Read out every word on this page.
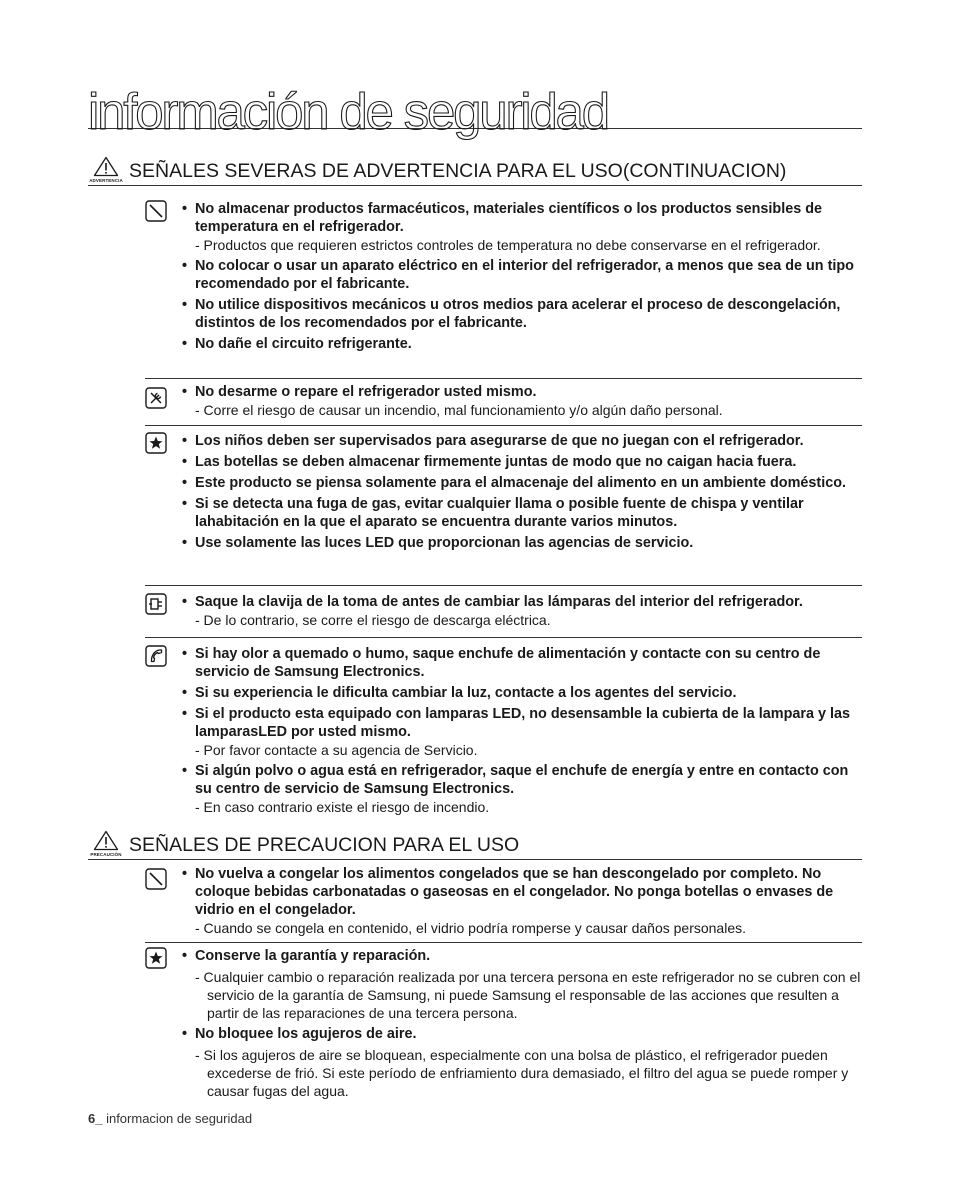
información de seguridad
ADVERTENCIA SEÑALES SEVERAS DE ADVERTENCIA PARA EL USO(CONTINUACION)
• No almacenar productos farmacéuticos, materiales científicos o los productos sensibles de temperatura en el refrigerador.
- Productos que requieren estrictos controles de temperatura no debe conservarse en el refrigerador.
• No colocar o usar un aparato eléctrico en el interior del refrigerador, a menos que sea de un tipo recomendado por el fabricante.
• No utilice dispositivos mecánicos u otros medios para acelerar el proceso de descongelación, distintos de los recomendados por el fabricante.
• No dañe el circuito refrigerante.
• No desarme o repare el refrigerador usted mismo.
- Corre el riesgo de causar un incendio, mal funcionamiento y/o algún daño personal.
• Los niños deben ser supervisados para asegurarse de que no juegan con el refrigerador.
• Las botellas se deben almacenar firmemente juntas de modo que no caigan hacia fuera.
• Este producto se piensa solamente para el almacenaje del alimento en un ambiente doméstico.
• Si se detecta una fuga de gas, evitar cualquier llama o posible fuente de chispa y ventilar lahabitación en la que el aparato se encuentra durante varios minutos.
• Use solamente las luces LED que proporcionan las agencias de servicio.
• Saque la clavija de la toma de antes de cambiar las lámparas del interior del refrigerador.
- De lo contrario, se corre el riesgo de descarga eléctrica.
• Si hay olor a quemado o humo, saque enchufe de alimentación y contacte con su centro de servicio de Samsung Electronics.
• Si su experiencia le dificulta cambiar la luz, contacte a los agentes del servicio.
• Si el producto esta equipado con lamparas LED, no desensamble la cubierta de la lampara y las lamparasLED por usted mismo.
- Por favor contacte a su agencia de Servicio.
• Si algún polvo o agua está en refrigerador, saque el enchufe de energía y entre en contacto con su centro de servicio de Samsung Electronics.
- En caso contrario existe el riesgo de incendio.
PRECAUCIÓN SEÑALES DE PRECAUCION PARA EL USO
• No vuelva a congelar los alimentos congelados que se han descongelado por completo. No coloque bebidas carbonatadas o gaseosas en el congelador. No ponga botellas o envases de vidrio en el congelador.
- Cuando se congela en contenido, el vidrio podría romperse y causar daños personales.
• Conserve la garantía y reparación.
- Cualquier cambio o reparación realizada por una tercera persona en este refrigerador no se cubren con el servicio de la garantía de Samsung, ni puede Samsung el responsable de las acciones que resulten a partir de las reparaciones de una tercera persona.
• No bloquee los agujeros de aire.
- Si los agujeros de aire se bloquean, especialmente con una bolsa de plástico, el refrigerador pueden excederse de frió. Si este período de enfriamiento dura demasiado, el filtro del agua se puede romper y causar fugas del agua.
6_ informacion de seguridad
